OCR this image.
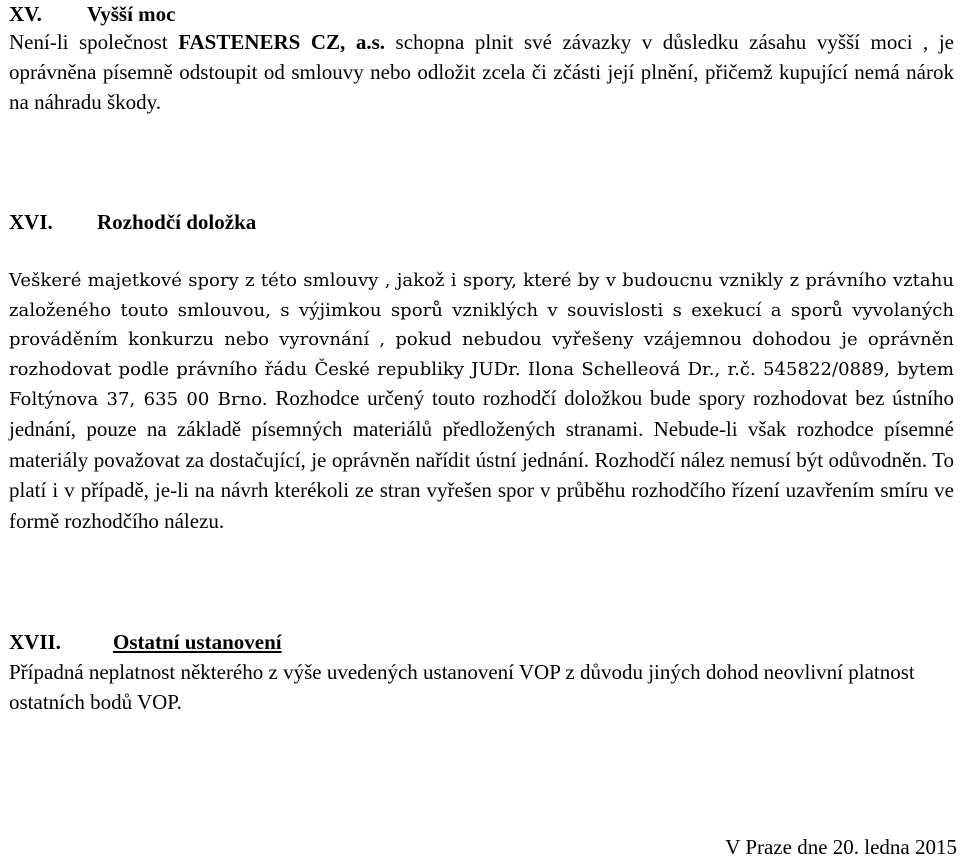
XV. Vyšší moc
Není-li společnost FASTENERS CZ, a.s. schopna plnit své závazky v důsledku zásahu vyšší moci , je oprávněna písemně odstoupit od smlouvy nebo odložit zcela či zčásti její plnění, přičemž kupující nemá nárok na náhradu škody.
XVI. Rozhodčí doložka
Veškeré majetkové spory z této smlouvy , jakož i spory, které by v budoucnu vznikly z právního vztahu založeného touto smlouvou, s výjimkou sporů vzniklých v souvislosti s exekucí a sporů vyvolaných prováděním konkurzu nebo vyrovnání , pokud nebudou vyřešeny vzájemnou dohodou je oprávněn rozhodovat podle právního řádu České republiky JUDr. Ilona Schelleová Dr., r.č. 545822/0889, bytem Foltýnova 37, 635 00 Brno. Rozhodce určený touto rozhodčí doložkou bude spory rozhodovat bez ústního jednání, pouze na základě písemných materiálů předložených stranami. Nebude-li však rozhodce písemné materiály považovat za dostačující, je oprávněn nařídit ústní jednání. Rozhodčí nález nemusí být odůvodněn. To platí i v případě, je-li na návrh kterékoli ze stran vyřešen spor v průběhu rozhodčího řízení uzavřením smíru ve formě rozhodčího nálezu.
XVII. Ostatní ustanovení
Případná neplatnost některého z výše uvedených ustanovení VOP z důvodu jiných dohod neovlivní platnost ostatních bodů VOP.
V Praze dne 20. ledna 2015
